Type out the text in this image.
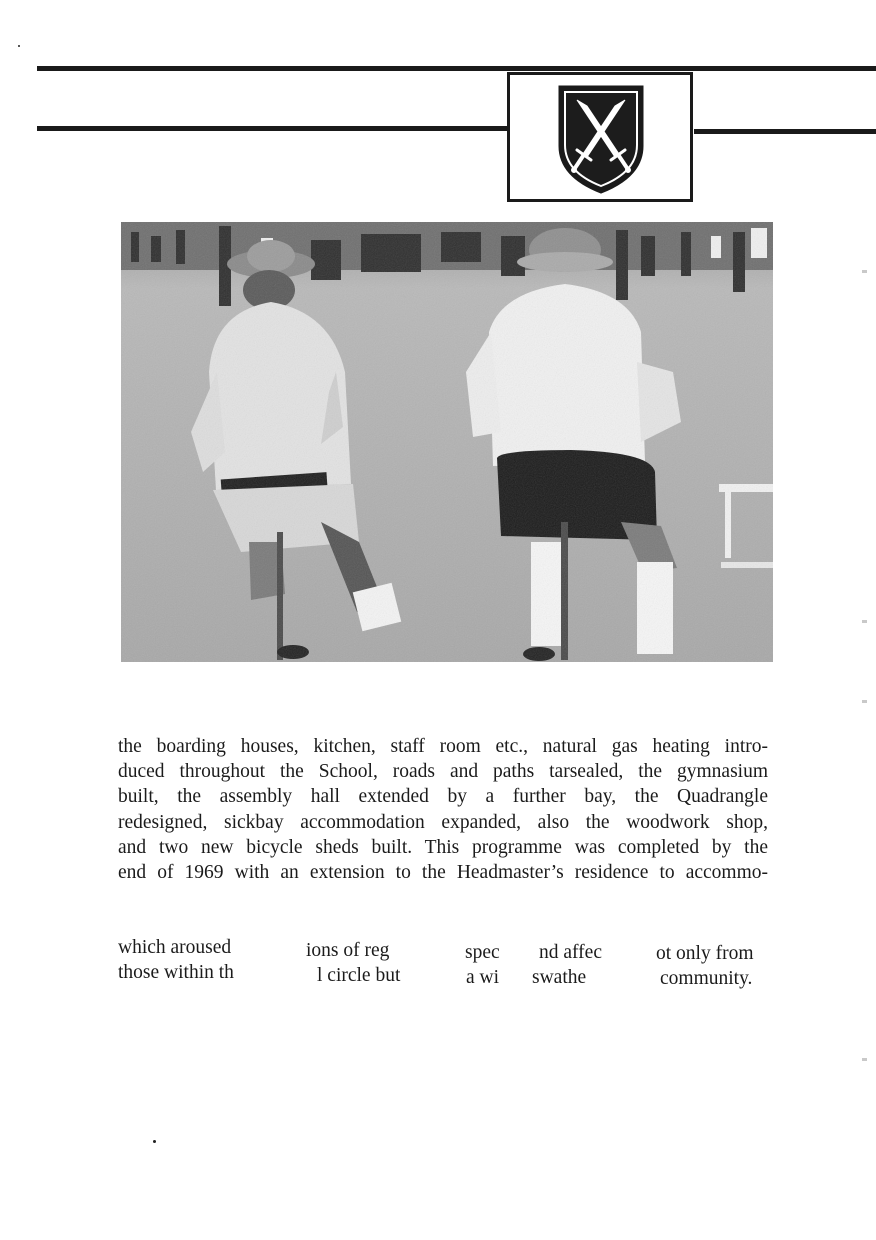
the boarding houses, kitchen, staff room etc., natural gas heating intro-
duced throughout the School, roads and paths tarsealed, the gymnasium
built, the assembly hall extended by a further bay, the Quadrangle
redesigned, sickbay accommodation expanded, also the woodwork shop,
and two new bicycle sheds built. This programme was completed by the
end of 1969 with an extension to the Headmaster’s residence to accommo-
which aroused	ions of reg	spec nd affec	ot only from
those within th	l circle but	a wi swathe	community.
